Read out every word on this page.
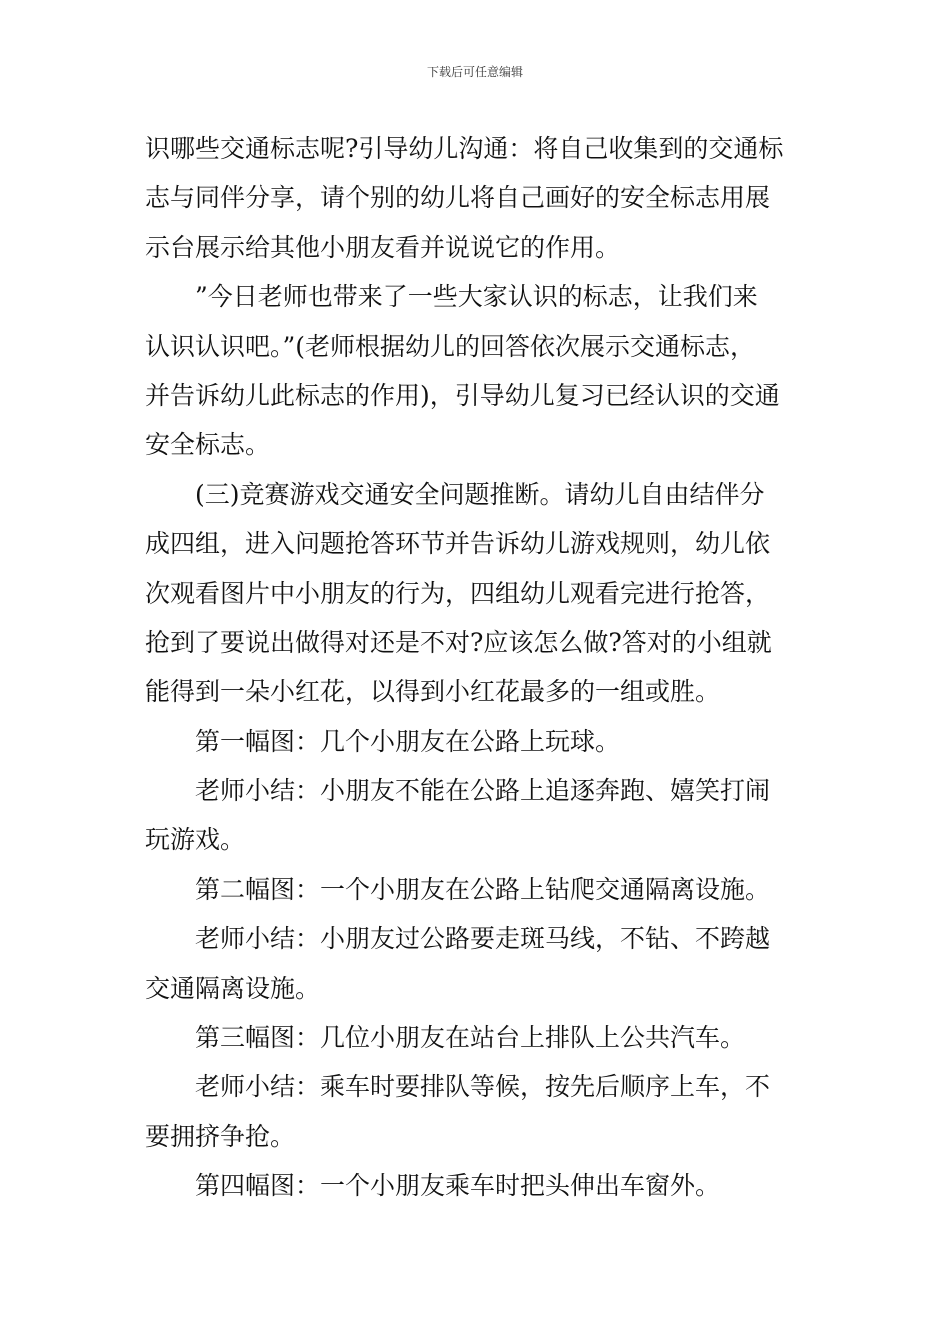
下载后可任意编辑
识哪些交通标志呢?引导幼儿沟通：将自己收集到的交通标
志与同伴分享，请个别的幼儿将自己画好的安全标志用展
示台展示给其他小朋友看并说说它的作用。
”今日老师也带来了一些大家认识的标志，让我们来
认识认识吧。”(老师根据幼儿的回答依次展示交通标志，
并告诉幼儿此标志的作用)，引导幼儿复习已经认识的交通
安全标志。
(三)竞赛游戏交通安全问题推断。请幼儿自由结伴分
成四组，进入问题抢答环节并告诉幼儿游戏规则，幼儿依
次观看图片中小朋友的行为，四组幼儿观看完进行抢答，
抢到了要说出做得对还是不对?应该怎么做?答对的小组就
能得到一朵小红花，以得到小红花最多的一组或胜。
第一幅图：几个小朋友在公路上玩球。
老师小结：小朋友不能在公路上追逐奔跑、嬉笑打闹
玩游戏。
第二幅图：一个小朋友在公路上钻爬交通隔离设施。
老师小结：小朋友过公路要走斑马线，不钻、不跨越
交通隔离设施。
第三幅图：几位小朋友在站台上排队上公共汽车。
老师小结：乘车时要排队等候，按先后顺序上车，不
要拥挤争抢。
第四幅图：一个小朋友乘车时把头伸出车窗外。
